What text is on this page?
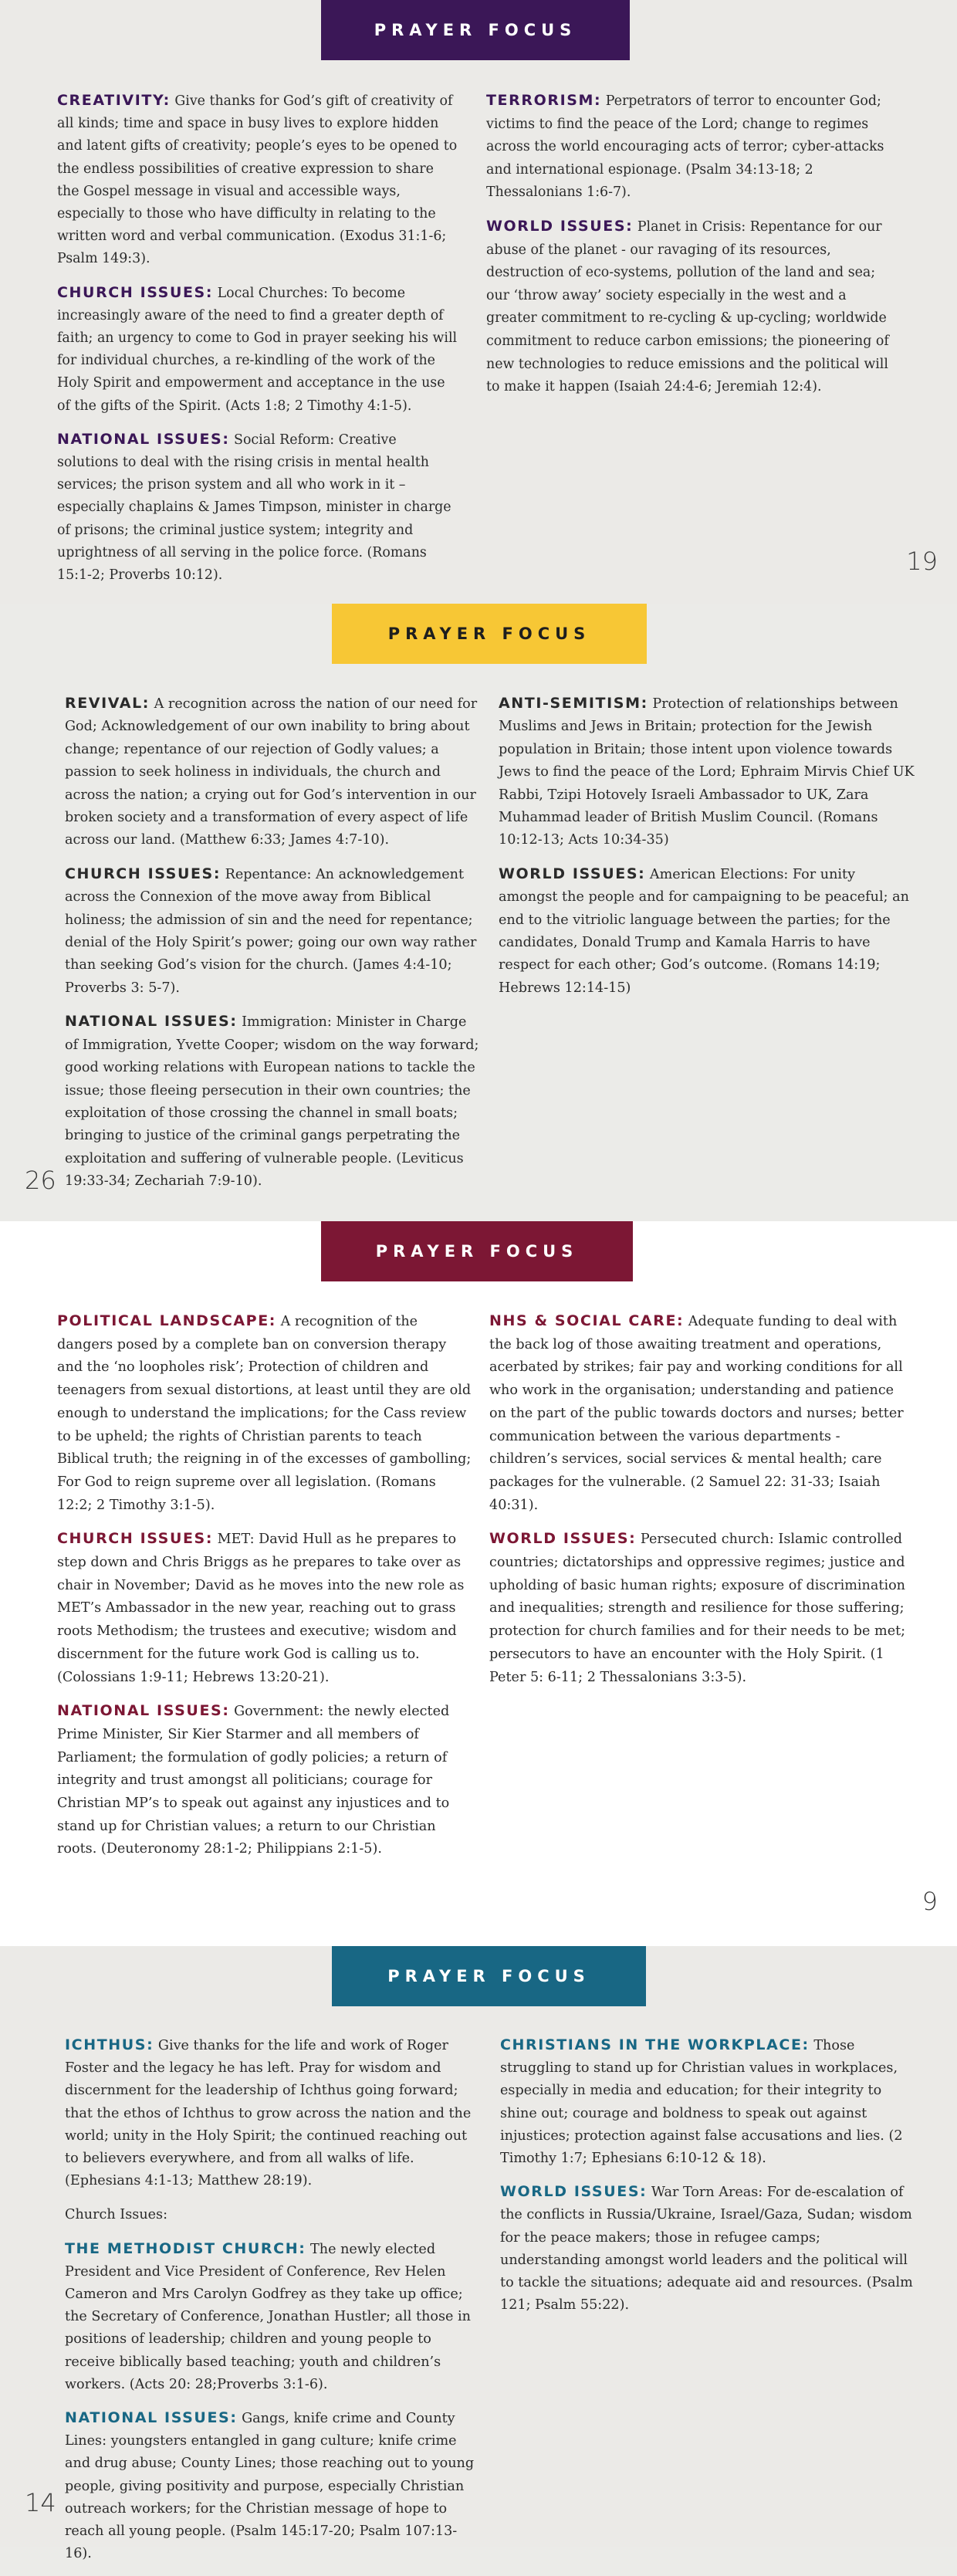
PRAYER FOCUS

CREATIVITY: Give thanks for God’s gift of creativity of all kinds; time and space in busy lives to explore hidden and latent gifts of creativity; people’s eyes to be opened to the endless possibilities of creative expression to share the Gospel message in visual and accessible ways, especially to those who have difficulty in relating to the written word and verbal communication. (Exodus 31:1-6; Psalm 149:3).

CHURCH ISSUES: Local Churches: To become increasingly aware of the need to find a greater depth of faith; an urgency to come to God in prayer seeking his will for individual churches, a re-kindling of the work of the Holy Spirit and empowerment and acceptance in the use of the gifts of the Spirit. (Acts 1:8; 2 Timothy 4:1-5).

NATIONAL ISSUES: Social Reform: Creative solutions to deal with the rising crisis in mental health services; the prison system and all who work in it – especially chaplains & James Timpson, minister in charge of prisons; the criminal justice system; integrity and uprightness of all serving in the police force. (Romans 15:1-2; Proverbs 10:12).

TERRORISM: Perpetrators of terror to encounter God; victims to find the peace of the Lord; change to regimes across the world encouraging acts of terror; cyber-attacks and international espionage. (Psalm 34:13-18; 2 Thessalonians 1:6-7).

WORLD ISSUES: Planet in Crisis: Repentance for our abuse of the planet - our ravaging of its resources, destruction of eco-systems, pollution of the land and sea; our ‘throw away’ society especially in the west and a greater commitment to re-cycling & up-cycling; worldwide commitment to reduce carbon emissions; the pioneering of new technologies to reduce emissions and the political will to make it happen (Isaiah 24:4-6; Jeremiah 12:4).

19
PRAYER FOCUS

REVIVAL: A recognition across the nation of our need for God; Acknowledgement of our own inability to bring about change; repentance of our rejection of Godly values; a passion to seek holiness in individuals, the church and across the nation; a crying out for God’s intervention in our broken society and a transformation of every aspect of life across our land. (Matthew 6:33; James 4:7-10).

CHURCH ISSUES: Repentance: An acknowledgement across the Connexion of the move away from Biblical holiness; the admission of sin and the need for repentance; denial of the Holy Spirit’s power; going our own way rather than seeking God’s vision for the church. (James 4:4-10; Proverbs 3: 5-7).

NATIONAL ISSUES: Immigration: Minister in Charge of Immigration, Yvette Cooper; wisdom on the way forward; good working relations with European nations to tackle the issue; those fleeing persecution in their own countries; the exploitation of those crossing the channel in small boats; bringing to justice of the criminal gangs perpetrating the exploitation and suffering of vulnerable people. (Leviticus 19:33-34; Zechariah 7:9-10).

ANTI-SEMITISM: Protection of relationships between Muslims and Jews in Britain; protection for the Jewish population in Britain; those intent upon violence towards Jews to find the peace of the Lord; Ephraim Mirvis Chief UK Rabbi, Tzipi Hotovely Israeli Ambassador to UK, Zara Muhammad leader of British Muslim Council. (Romans 10:12-13; Acts 10:34-35)

WORLD ISSUES: American Elections: For unity amongst the people and for campaigning to be peaceful; an end to the vitriolic language between the parties; for the candidates, Donald Trump and Kamala Harris to have respect for each other; God’s outcome. (Romans 14:19; Hebrews 12:14-15)

26
PRAYER FOCUS

POLITICAL LANDSCAPE: A recognition of the dangers posed by a complete ban on conversion therapy and the ‘no loopholes risk’; Protection of children and teenagers from sexual distortions, at least until they are old enough to understand the implications; for the Cass review to be upheld; the rights of Christian parents to teach Biblical truth; the reigning in of the excesses of gambolling; For God to reign supreme over all legislation. (Romans 12:2; 2 Timothy 3:1-5).

CHURCH ISSUES: MET: David Hull as he prepares to step down and Chris Briggs as he prepares to take over as chair in November; David as he moves into the new role as MET’s Ambassador in the new year, reaching out to grass roots Methodism; the trustees and executive; wisdom and discernment for the future work God is calling us to. (Colossians 1:9-11; Hebrews 13:20-21).

NATIONAL ISSUES: Government: the newly elected Prime Minister, Sir Kier Starmer and all members of Parliament; the formulation of godly policies; a return of integrity and trust amongst all politicians; courage for Christian MP’s to speak out against any injustices and to stand up for Christian values; a return to our Christian roots. (Deuteronomy 28:1-2; Philippians 2:1-5).

NHS & SOCIAL CARE: Adequate funding to deal with the back log of those awaiting treatment and operations, acerbated by strikes; fair pay and working conditions for all who work in the organisation; understanding and patience on the part of the public towards doctors and nurses; better communication between the various departments - children’s services, social services & mental health; care packages for the vulnerable. (2 Samuel 22: 31-33; Isaiah 40:31).

WORLD ISSUES: Persecuted church: Islamic controlled countries; dictatorships and oppressive regimes; justice and upholding of basic human rights; exposure of discrimination and inequalities; strength and resilience for those suffering; protection for church families and for their needs to be met; persecutors to have an encounter with the Holy Spirit. (1 Peter 5: 6-11; 2 Thessalonians 3:3-5).

9
PRAYER FOCUS

ICHTHUS: Give thanks for the life and work of Roger Foster and the legacy he has left. Pray for wisdom and discernment for the leadership of Ichthus going forward; that the ethos of Ichthus to grow across the nation and the world; unity in the Holy Spirit; the continued reaching out to believers everywhere, and from all walks of life. (Ephesians 4:1-13; Matthew 28:19).

Church Issues:

THE METHODIST CHURCH: The newly elected President and Vice President of Conference, Rev Helen Cameron and Mrs Carolyn Godfrey as they take up office; the Secretary of Conference, Jonathan Hustler; all those in positions of leadership; children and young people to receive biblically based teaching; youth and children’s workers. (Acts 20: 28;Proverbs 3:1-6).

NATIONAL ISSUES: Gangs, knife crime and County Lines: youngsters entangled in gang culture; knife crime and drug abuse; County Lines; those reaching out to young people, giving positivity and purpose, especially Christian outreach workers; for the Christian message of hope to reach all young people. (Psalm 145:17-20; Psalm 107:13-16).

CHRISTIANS IN THE WORKPLACE: Those struggling to stand up for Christian values in workplaces, especially in media and education; for their integrity to shine out; courage and boldness to speak out against injustices; protection against false accusations and lies. (2 Timothy 1:7; Ephesians 6:10-12 & 18).

WORLD ISSUES: War Torn Areas: For de-escalation of the conflicts in Russia/Ukraine, Israel/Gaza, Sudan; wisdom for the peace makers; those in refugee camps; understanding amongst world leaders and the political will to tackle the situations; adequate aid and resources. (Psalm 121; Psalm 55:22).

14
